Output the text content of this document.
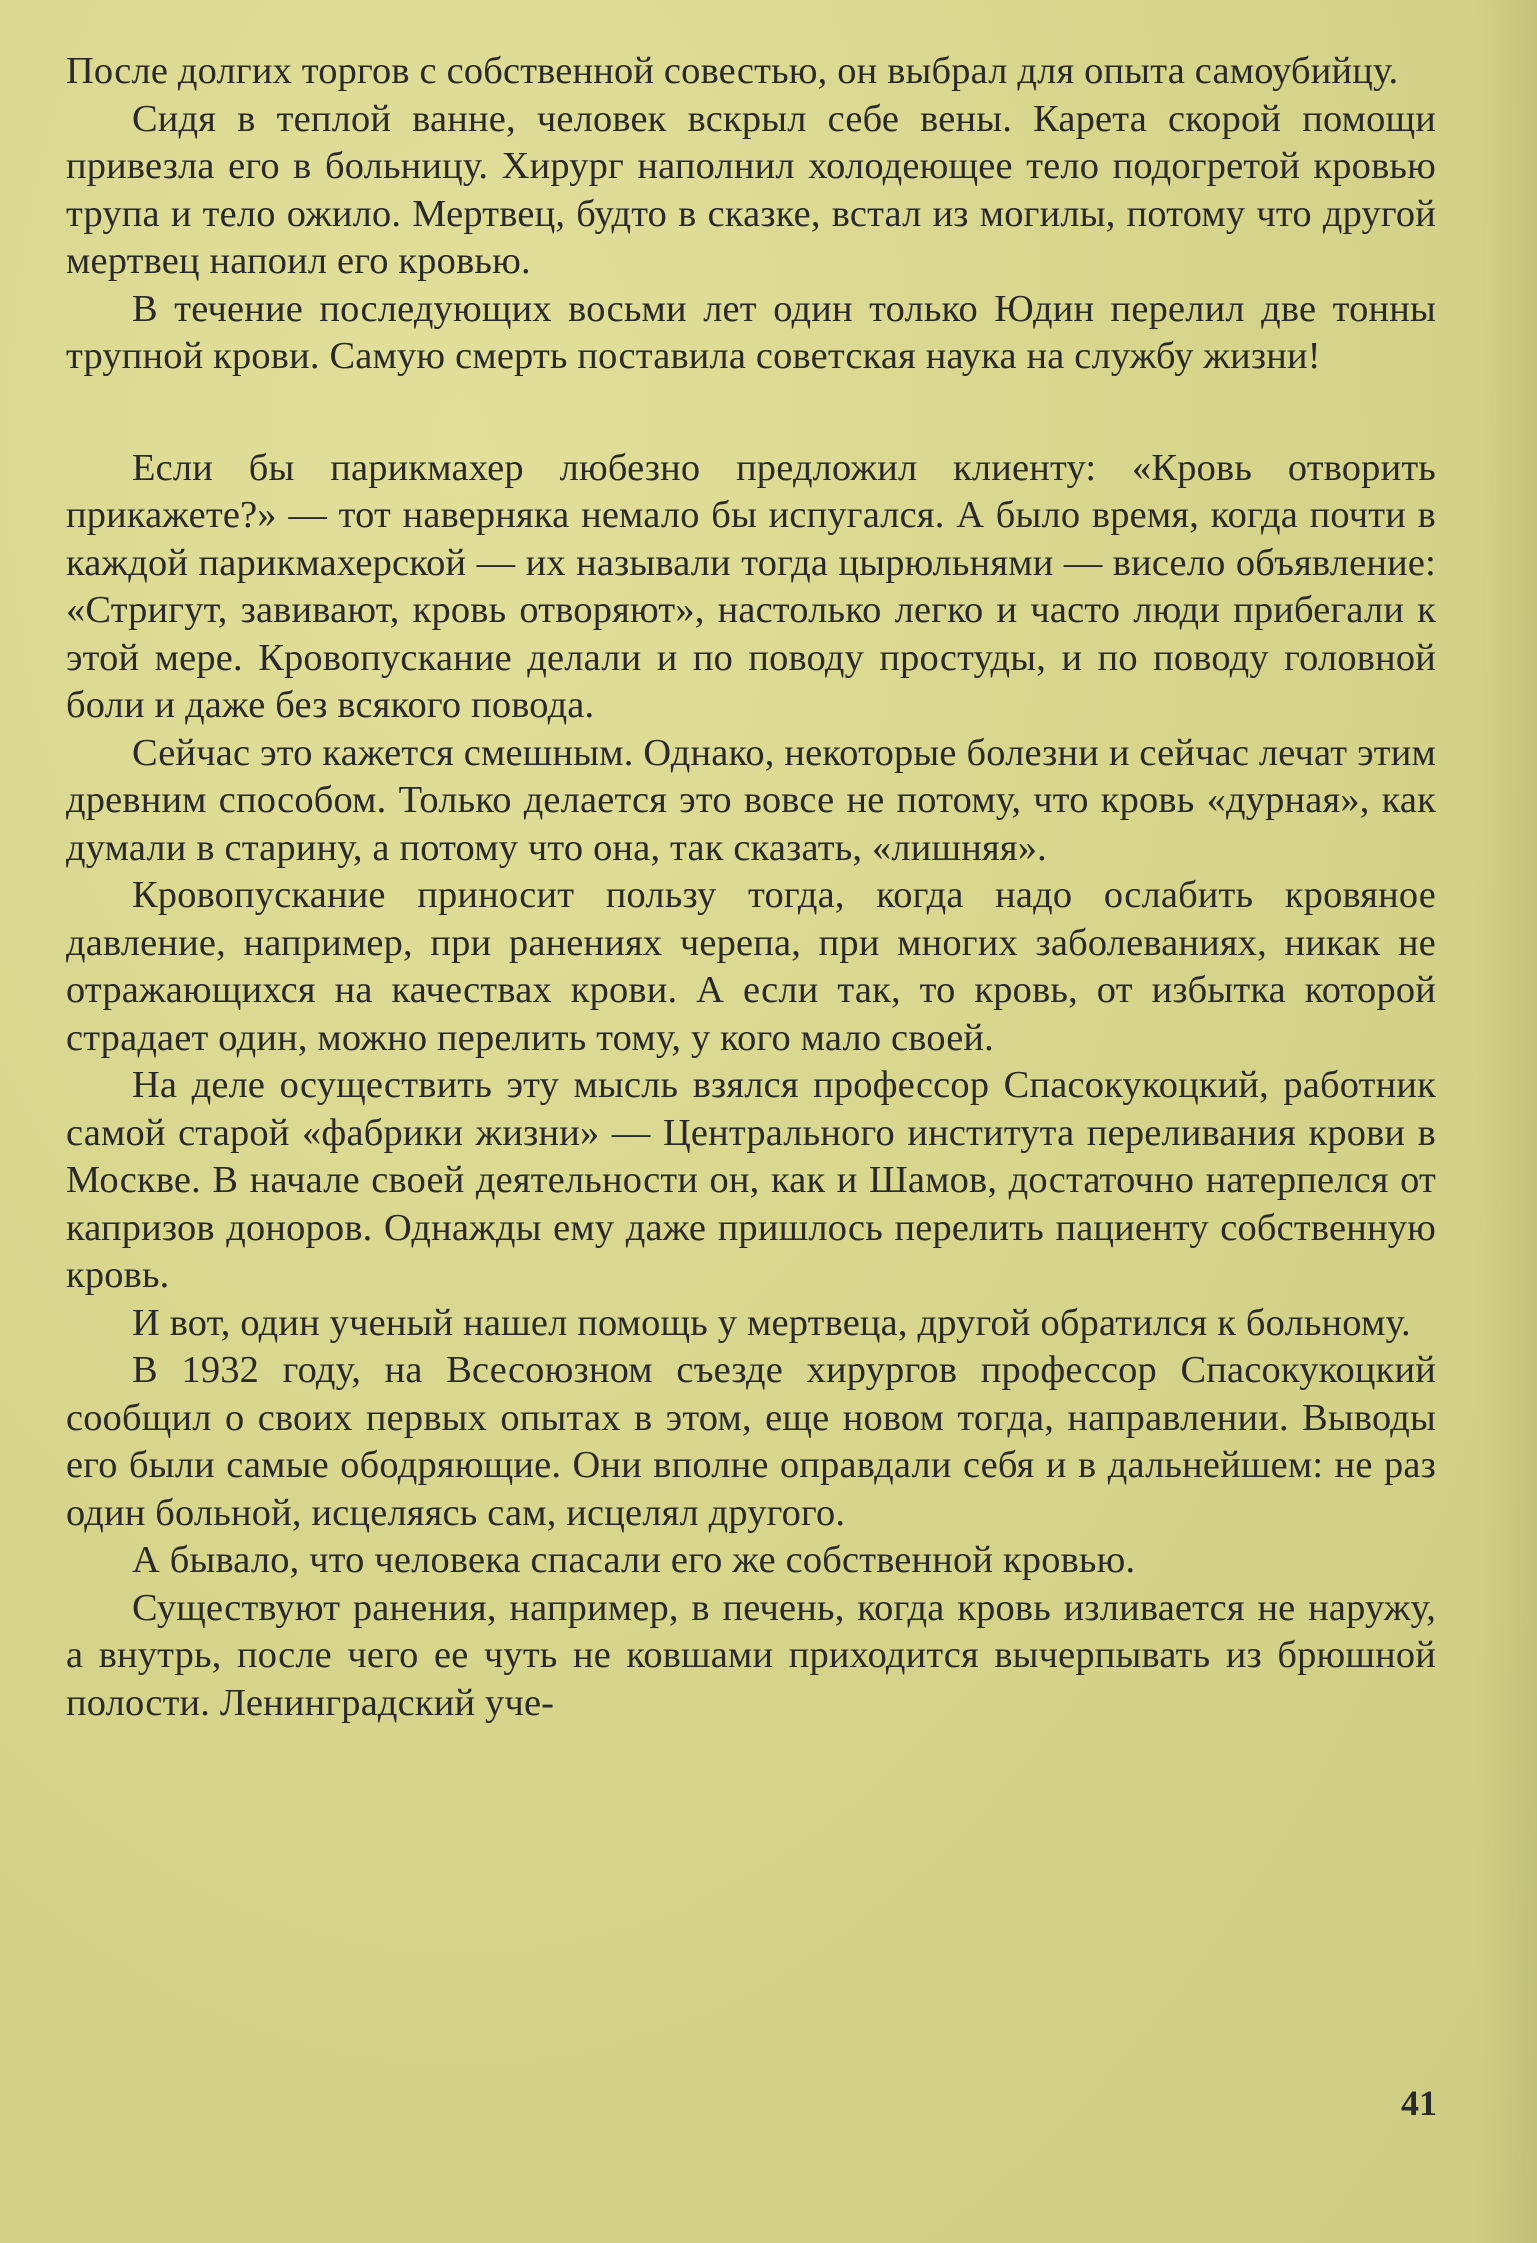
После долгих торгов с собственной совестью, он выбрал для опыта самоубийцу.

Сидя в теплой ванне, человек вскрыл себе вены. Карета скорой помощи привезла его в больницу. Хирург наполнил холодеющее тело подогретой кровью трупа и тело ожило. Мертвец, будто в сказке, встал из могилы, потому что другой мертвец напоил его кровью.

В течение последующих восьми лет один только Юдин перелил две тонны трупной крови. Самую смерть поставила советская наука на службу жизни!

Если бы парикмахер любезно предложил клиенту: «Кровь отворить прикажете?» — тот наверняка немало бы испугался. А было время, когда почти в каждой парикмахерской — их называли тогда цырюльнями — висело объявление: «Стригут, завивают, кровь отворяют», настолько легко и часто люди прибегали к этой мере. Кровопускание делали и по поводу простуды, и по поводу головной боли и даже без всякого повода.

Сейчас это кажется смешным. Однако, некоторые болезни и сейчас лечат этим древним способом. Только делается это вовсе не потому, что кровь «дурная», как думали в старину, а потому что она, так сказать, «лишняя».

Кровопускание приносит пользу тогда, когда надо ослабить кровяное давление, например, при ранениях черепа, при многих заболеваниях, никак не отражающихся на качествах крови. А если так, то кровь, от избытка которой страдает один, можно перелить тому, у кого мало своей.

На деле осуществить эту мысль взялся профессор Спасокукоцкий, работник самой старой «фабрики жизни» — Центрального института переливания крови в Москве. В начале своей деятельности он, как и Шамов, достаточно натерпелся от капризов доноров. Однажды ему даже пришлось перелить пациенту собственную кровь.

И вот, один ученый нашел помощь у мертвеца, другой обратился к больному.

В 1932 году, на Всесоюзном съезде хирургов профессор Спасокукоцкий сообщил о своих первых опытах в этом, еще новом тогда, направлении. Выводы его были самые ободряющие. Они вполне оправдали себя и в дальнейшем: не раз один больной, исцеляясь сам, исцелял другого.

А бывало, что человека спасали его же собственной кровью.

Существуют ранения, например, в печень, когда кровь изливается не наружу, а внутрь, после чего ее чуть не ковшами приходится вычерпывать из брюшной полости. Ленинградский уче-

41
